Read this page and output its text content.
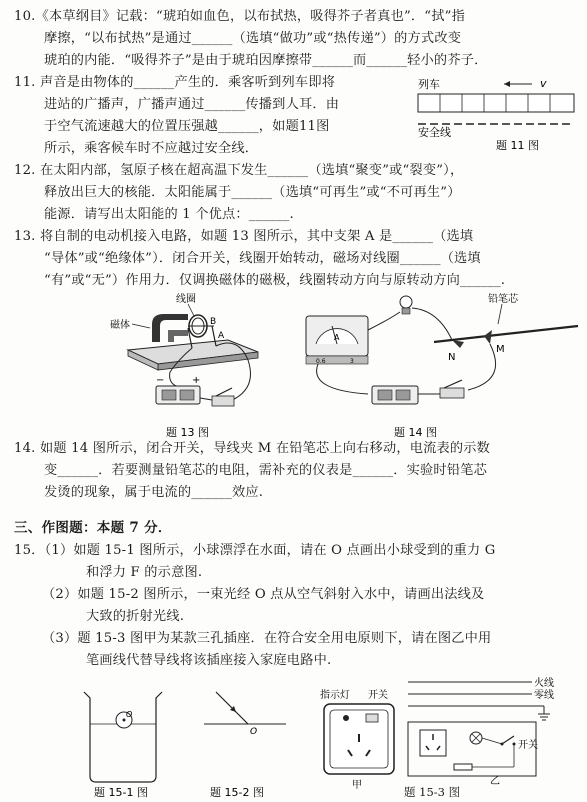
10.《本草纲目》记载：“琥珀如血色，以布拭热，吸得芥子者真也”．“拭”指
摩擦，“以布拭热”是通过______（选填“做功”或“热传递”）的方式改变
琥珀的内能．“吸得芥子”是由于琥珀因摩擦带______而______轻小的芥子．
11. 声音是由物体的______产生的．乘客听到列车即将
进站的广播声，广播声通过______传播到人耳．由
于空气流速越大的位置压强越______，如题11图
所示，乘客候车时不应越过安全线．
列车	v
安全线
题 11 图
12. 在太阳内部，氢原子核在超高温下发生______（选填“聚变”或“裂变”），
释放出巨大的核能．太阳能属于______（选填“可再生”或“不可再生”）
能源．请写出太阳能的 1 个优点：______.
13. 将自制的电动机接入电路，如题 13 图所示，其中支架 A 是______（选填
“导体”或“绝缘体”）．闭合开关，线圈开始转动，磁场对线圈______（选填
“有”或“无”）作用力．仅调换磁体的磁极，线圈转动方向与原转动方向______.
线圈
磁体	B
A
−	+
题 13 图
A
0.6	3
铅笔芯
N
M
题 14 图
14. 如题 14 图所示，闭合开关，导线夹 M 在铅笔芯上向右移动，电流表的示数
变______．若要测量铅笔芯的电阻，需补充的仪表是______．实验时铅笔芯
发烫的现象，属于电流的______效应.
三、作图题：本题 7 分．
15．（1）如题 15-1 图所示，小球漂浮在水面，请在 O 点画出小球受到的重力 G
和浮力 F 的示意图.
（2）如题 15-2 图所示，一束光经 O 点从空气斜射入水中，请画出法线及
大致的折射光线.
（3）题 15-3 图甲为某款三孔插座．在符合安全用电原则下，请在图乙中用
笔画线代替导线将该插座接入家庭电路中.
O
题 15-1 图
O
题 15-2 图
指示灯 开关
甲
火线
零线
开关
乙
题 15-3 图
